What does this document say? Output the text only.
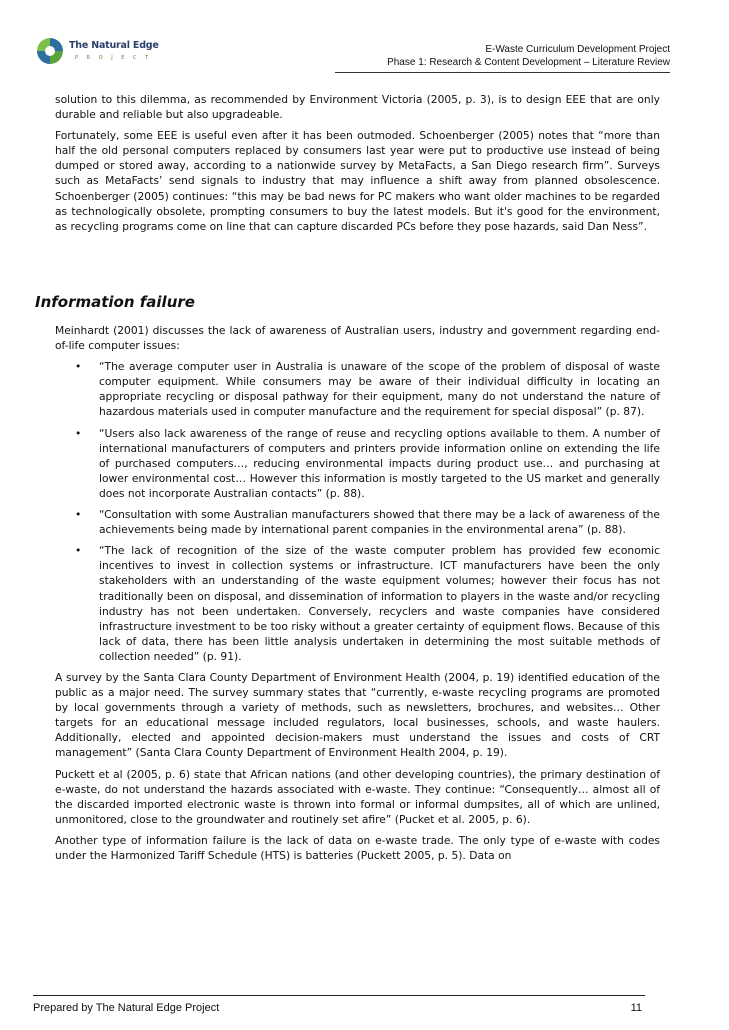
The Natural Edge
P R O J E C T
E-Waste Curriculum Development Project
Phase 1: Research & Content Development – Literature Review

solution to this dilemma, as recommended by Environment Victoria (2005, p. 3), is to design EEE that are only durable and reliable but also upgradeable.

Fortunately, some EEE is useful even after it has been outmoded. Schoenberger (2005) notes that “more than half the old personal computers replaced by consumers last year were put to productive use instead of being dumped or stored away, according to a nationwide survey by MetaFacts, a San Diego research firm”. Surveys such as MetaFacts’ send signals to industry that may influence a shift away from planned obsolescence. Schoenberger (2005) continues: “this may be bad news for PC makers who want older machines to be regarded as technologically obsolete, prompting consumers to buy the latest models. But it's good for the environment, as recycling programs come on line that can capture discarded PCs before they pose hazards, said Dan Ness”.

Information failure

Meinhardt (2001) discusses the lack of awareness of Australian users, industry and government regarding end-of-life computer issues:

• “The average computer user in Australia is unaware of the scope of the problem of disposal of waste computer equipment. While consumers may be aware of their individual difficulty in locating an appropriate recycling or disposal pathway for their equipment, many do not understand the nature of hazardous materials used in computer manufacture and the requirement for special disposal” (p. 87).
• “Users also lack awareness of the range of reuse and recycling options available to them. A number of international manufacturers of computers and printers provide information online on extending the life of purchased computers…, reducing environmental impacts during product use… and purchasing at lower environmental cost… However this information is mostly targeted to the US market and generally does not incorporate Australian contacts” (p. 88).
• “Consultation with some Australian manufacturers showed that there may be a lack of awareness of the achievements being made by international parent companies in the environmental arena” (p. 88).
• “The lack of recognition of the size of the waste computer problem has provided few economic incentives to invest in collection systems or infrastructure. ICT manufacturers have been the only stakeholders with an understanding of the waste equipment volumes; however their focus has not traditionally been on disposal, and dissemination of information to players in the waste and/or recycling industry has not been undertaken. Conversely, recyclers and waste companies have considered infrastructure investment to be too risky without a greater certainty of equipment flows. Because of this lack of data, there has been little analysis undertaken in determining the most suitable methods of collection needed” (p. 91).

A survey by the Santa Clara County Department of Environment Health (2004, p. 19) identified education of the public as a major need. The survey summary states that “currently, e-waste recycling programs are promoted by local governments through a variety of methods, such as newsletters, brochures, and websites… Other targets for an educational message included regulators, local businesses, schools, and waste haulers. Additionally, elected and appointed decision-makers must understand the issues and costs of CRT management” (Santa Clara County Department of Environment Health 2004, p. 19).

Puckett et al (2005, p. 6) state that African nations (and other developing countries), the primary destination of e-waste, do not understand the hazards associated with e-waste. They continue: “Consequently… almost all of the discarded imported electronic waste is thrown into formal or informal dumpsites, all of which are unlined, unmonitored, close to the groundwater and routinely set afire” (Pucket et al. 2005, p. 6).

Another type of information failure is the lack of data on e-waste trade. The only type of e-waste with codes under the Harmonized Tariff Schedule (HTS) is batteries (Puckett 2005, p. 5). Data on

Prepared by The Natural Edge Project	11
